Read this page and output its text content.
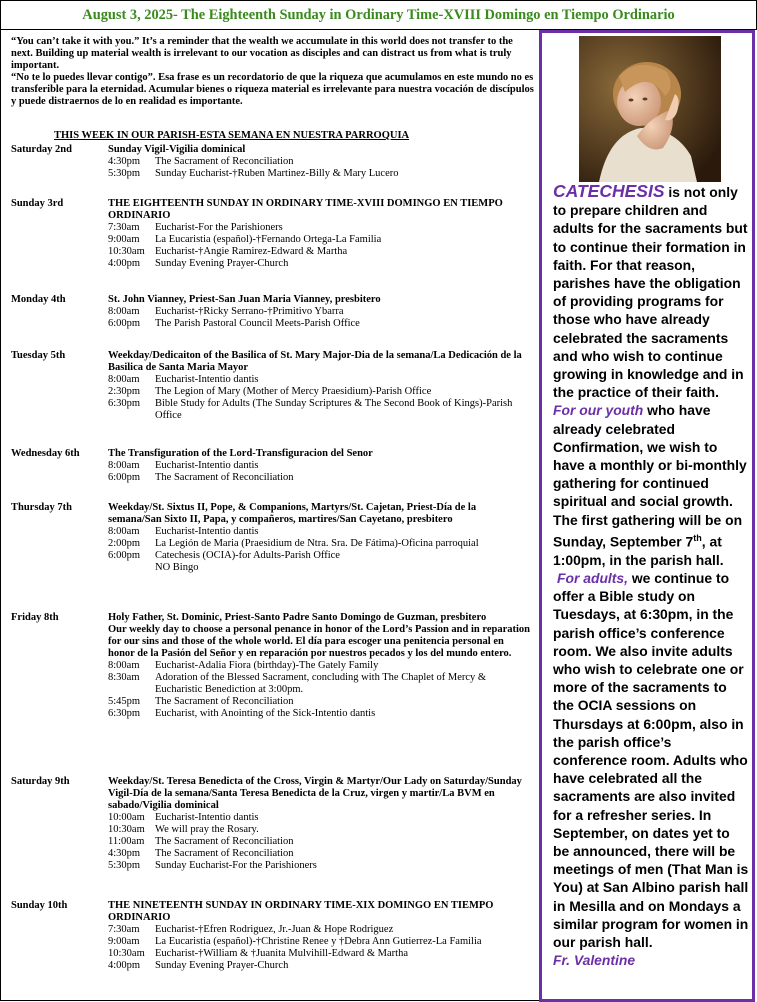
August 3, 2025- The Eighteenth Sunday in Ordinary Time-XVIII Domingo en Tiempo Ordinario

“You can’t take it with you.” It’s a reminder that the wealth we accumulate in this world does not transfer to the next. Building up material wealth is irrelevant to our vocation as disciples and can distract us from what is truly important.

“No te lo puedes llevar contigo”. Esa frase es un recordatorio de que la riqueza que acumulamos en este mundo no es transferible para la eternidad. Acumular bienes o riqueza material es irrelevante para nuestra vocación de discípulos y puede distraernos de lo en realidad es importante.

THIS WEEK IN OUR PARISH-ESTA SEMANA EN NUESTRA PARROQUIA
Saturday 2nd	Sunday Vigil-Vigilia dominical
4:30pm	The Sacrament of Reconciliation
5:30pm	Sunday Eucharist-†Ruben Martinez-Billy & Mary Lucero
Sunday 3rd	THE EIGHTEENTH SUNDAY IN ORDINARY TIME-XVIII DOMINGO EN TIEMPO ORDINARIO
7:30am	Eucharist-For the Parishioners
9:00am	La Eucaristia (español)-†Fernando Ortega-La Familia
10:30am Eucharist-†Angie Ramirez-Edward & Martha
4:00pm	Sunday Evening Prayer-Church
Monday 4th	St. John Vianney, Priest-San Juan Maria Vianney, presbitero
8:00am	Eucharist-†Ricky Serrano-†Primitivo Ybarra
6:00pm	The Parish Pastoral Council Meets-Parish Office
Tuesday 5th	Weekday/Dedicaiton of the Basilica of St. Mary Major-Dia de la semana/La Dedicación de la Basilica de Santa Maria Mayor
8:00am	Eucharist-Intentio dantis
2:30pm	The Legion of Mary (Mother of Mercy Praesidium)-Parish Office
6:30pm	Bible Study for Adults (The Sunday Scriptures & The Second Book of Kings)-Parish Office
Wednesday 6th	The Transfiguration of the Lord-Transfiguracion del Senor
8:00am	Eucharist-Intentio dantis
6:00pm	The Sacrament of Reconciliation
Thursday 7th	Weekday/St. Sixtus II, Pope, & Companions, Martyrs/St. Cajetan, Priest-Día de la semana/San Sixto II, Papa, y compañeros, martires/San Cayetano, presbitero
8:00am	Eucharist-Intentio dantis
2:00pm	La Legión de Maria (Praesidium de Ntra. Sra. De Fátima)-Oficina parroquial
6:00pm	Catechesis (OCIA)-for Adults-Parish Office
NO Bingo
Friday 8th	Holy Father, St. Dominic, Priest-Santo Padre Santo Domingo de Guzman, presbitero
Our weekly day to choose a personal penance in honor of the Lord’s Passion and in reparation for our sins and those of the whole world. El día para escoger una penitencia personal en honor de la Pasión del Señor y en reparación por nuestros pecados y los del mundo entero.
8:00am	Eucharist-Adalia Fiora (birthday)-The Gately Family
8:30am	Adoration of the Blessed Sacrament, concluding with The Chaplet of Mercy & Eucharistic Benediction at 3:00pm.
5:45pm	The Sacrament of Reconciliation
6:30pm	Eucharist, with Anointing of the Sick-Intentio dantis
Saturday 9th	Weekday/St. Teresa Benedicta of the Cross, Virgin & Martyr/Our Lady on Saturday/Sunday Vigil-Día de la semana/Santa Teresa Benedicta de la Cruz, virgen y martir/La BVM en sabado/Vigilia dominical
10:00am Eucharist-Intentio dantis
10:30am We will pray the Rosary.
11:00am	The Sacrament of Reconciliation
4:30pm	The Sacrament of Reconciliation
5:30pm	Sunday Eucharist-For the Parishioners
Sunday 10th	THE NINETEENTH SUNDAY IN ORDINARY TIME-XIX DOMINGO EN TIEMPO ORDINARIO
7:30am	Eucharist-†Efren Rodriguez, Jr.-Juan & Hope Rodriguez
9:00am	La Eucaristia (español)-†Christine Renee y †Debra Ann Gutierrez-La Familia
10:30am Eucharist-†William & †Juanita Mulvihill-Edward & Martha
4:00pm	Sunday Evening Prayer-Church
CATECHESIS is not only to prepare children and adults for the sacraments but to continue their formation in faith. For that reason, parishes have the obligation of providing programs for those who have already celebrated the sacraments and who wish to continue growing in knowledge and in the practice of their faith.
For our youth who have already celebrated Confirmation, we wish to have a monthly or bi-monthly gathering for continued spiritual and social growth. The first gathering will be on Sunday, September 7th, at 1:00pm, in the parish hall.
For adults, we continue to offer a Bible study on Tuesdays, at 6:30pm, in the parish office’s conference room. We also invite adults who wish to celebrate one or more of the sacraments to the OCIA sessions on Thursdays at 6:00pm, also in the parish office’s conference room. Adults who have celebrated all the sacraments are also invited for a refresher series. In September, on dates yet to be announced, there will be meetings of men (That Man is You) at San Albino parish hall in Mesilla and on Mondays a similar program for women in our parish hall.
Fr. Valentine
